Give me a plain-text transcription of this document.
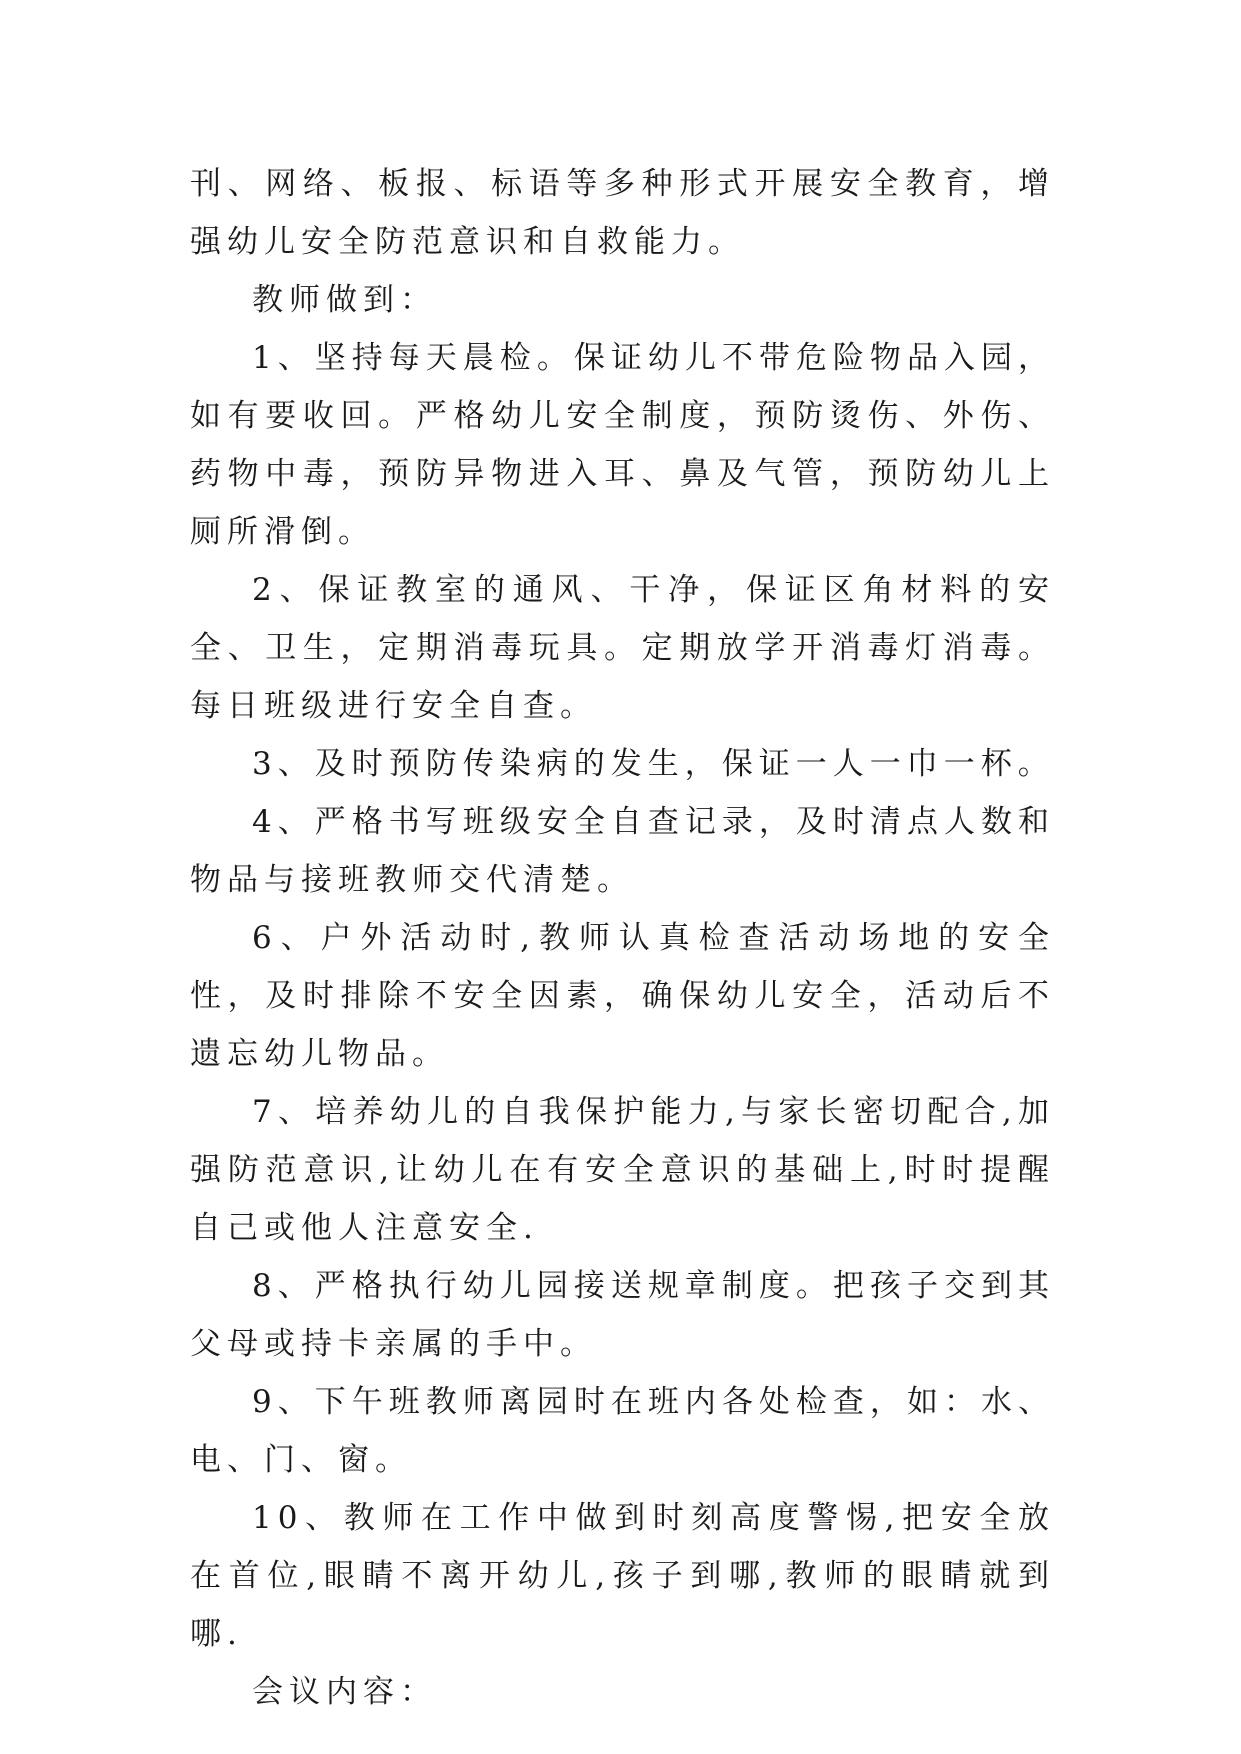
刊、网络、板报、标语等多种形式开展安全教育，增强幼儿安全防范意识和自救能力。

教师做到：

1、坚持每天晨检。保证幼儿不带危险物品入园，如有要收回。严格幼儿安全制度，预防烫伤、外伤、药物中毒，预防异物进入耳、鼻及气管，预防幼儿上厕所滑倒。

2、保证教室的通风、干净，保证区角材料的安全、卫生，定期消毒玩具。定期放学开消毒灯消毒。每日班级进行安全自查。

3、及时预防传染病的发生，保证一人一巾一杯。

4、严格书写班级安全自查记录，及时清点人数和物品与接班教师交代清楚。

6、户外活动时,教师认真检查活动场地的安全性，及时排除不安全因素，确保幼儿安全，活动后不遗忘幼儿物品。

7、培养幼儿的自我保护能力,与家长密切配合,加强防范意识,让幼儿在有安全意识的基础上,时时提醒自己或他人注意安全.

8、严格执行幼儿园接送规章制度。把孩子交到其父母或持卡亲属的手中。

9、下午班教师离园时在班内各处检查，如：水、电、门、窗。

10、教师在工作中做到时刻高度警惕,把安全放在首位,眼睛不离开幼儿,孩子到哪,教师的眼睛就到哪.

会议内容：
